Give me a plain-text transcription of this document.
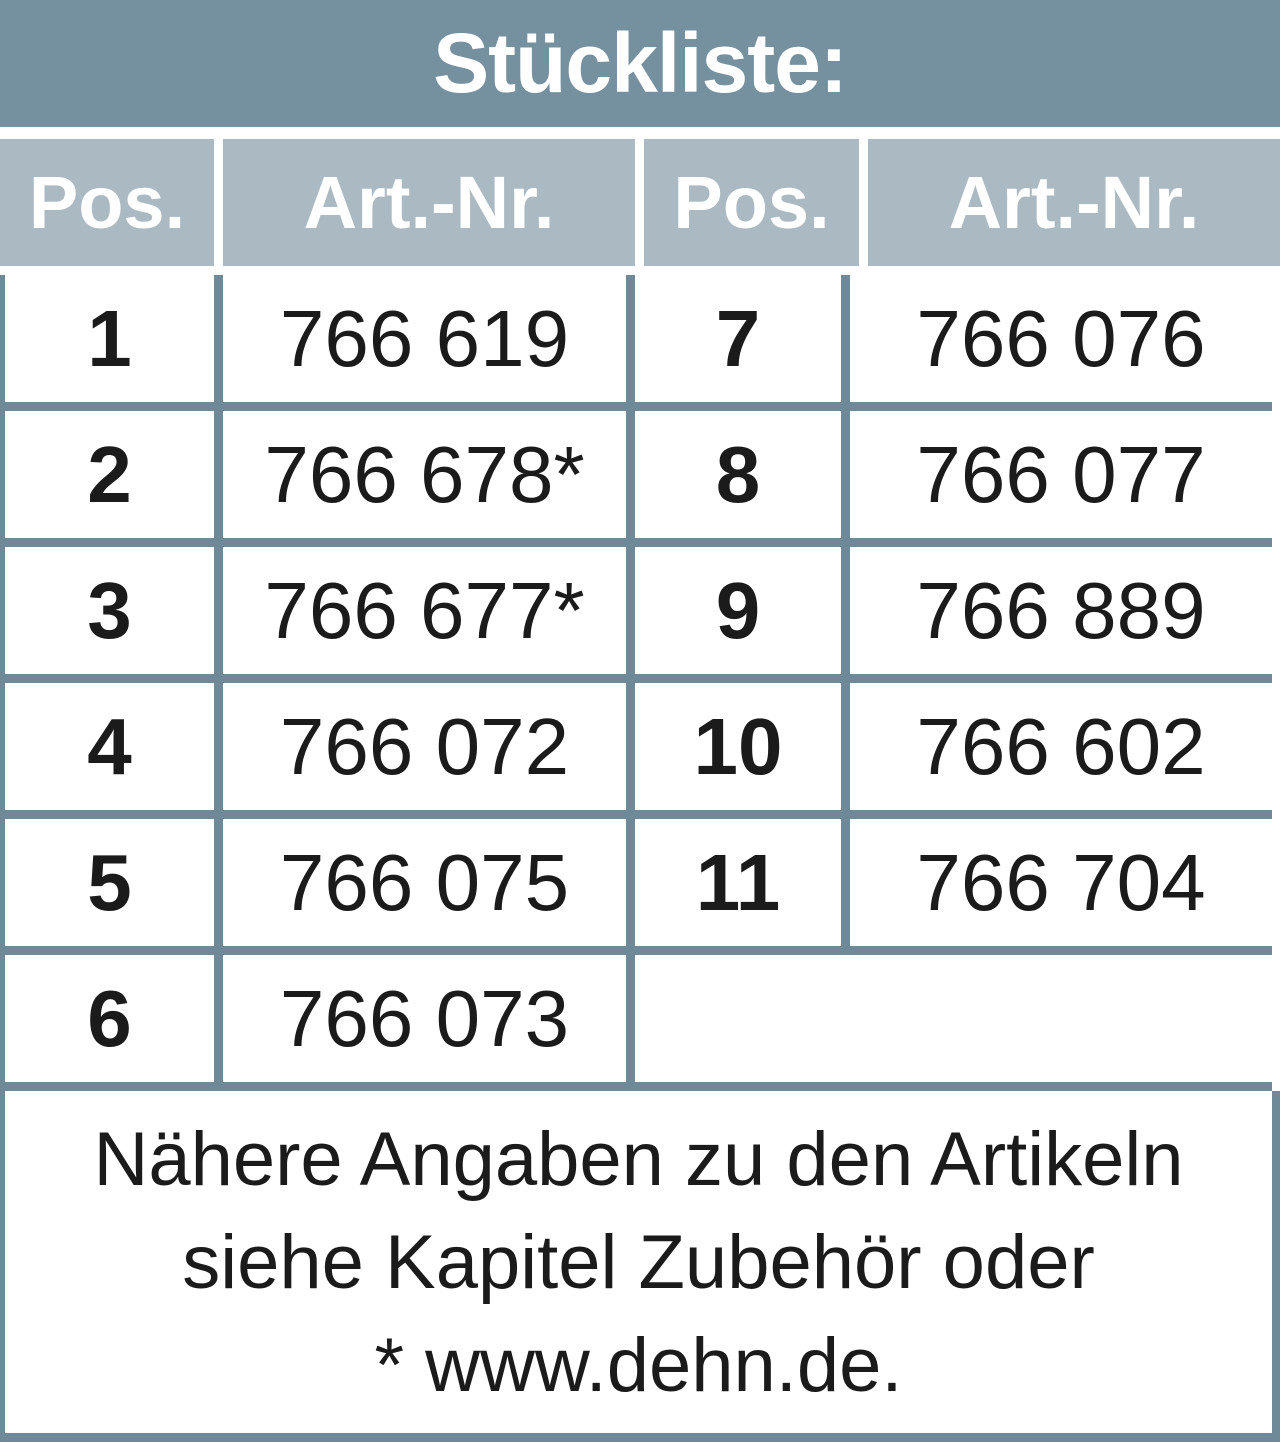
Stückliste:
Pos.	Art.-Nr.	Pos.	Art.-Nr.
1	766 619	7	766 076
2	766 678*	8	766 077
3	766 677*	9	766 889
4	766 072	10	766 602
5	766 075	11	766 704
6	766 073
Nähere Angaben zu den Artikeln
siehe Kapitel Zubehör oder
* www.dehn.de.
